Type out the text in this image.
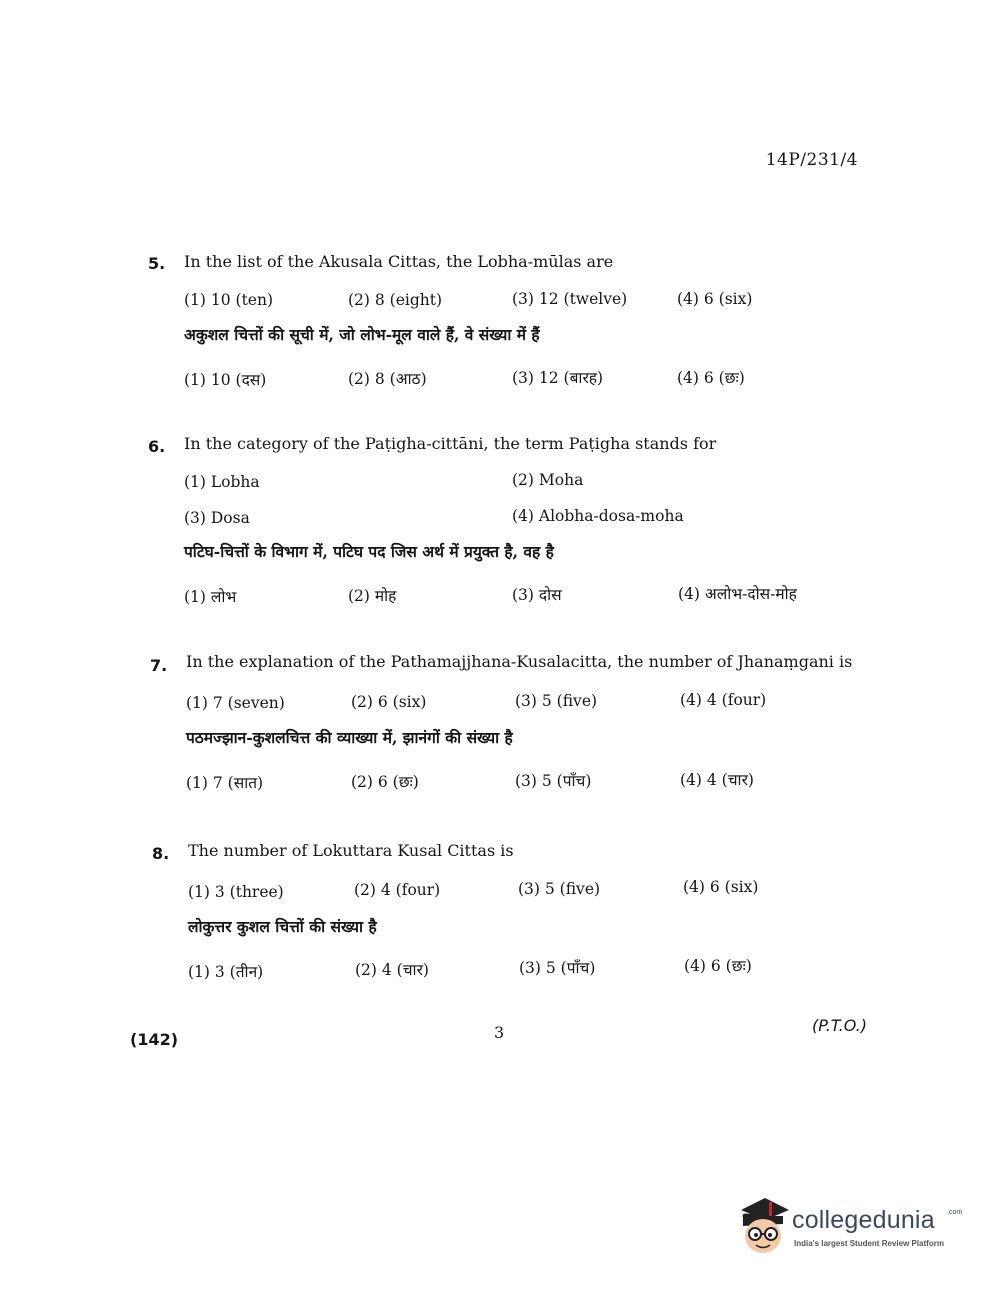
14P/231/4
5. In the list of the Akusala Cittas, the Lobha-mūlas are
(1) 10 (ten)	(2) 8 (eight)	(3) 12 (twelve)	(4) 6 (six)
अकुशल चित्तों की सूची में, जो लोभ-मूल वाले हैं, वे संख्या में हैं
(1) 10 (दस)	(2) 8 (आठ)	(3) 12 (बारह)	(4) 6 (छः)
6. In the category of the Paṭigha-cittāni, the term Paṭigha stands for
(1) Lobha	(2) Moha
(3) Dosa	(4) Alobha-dosa-moha
पटिघ-चित्तों के विभाग में, पटिघ पद जिस अर्थ में प्रयुक्त है, वह है
(1) लोभ	(2) मोह	(3) दोस	(4) अलोभ-दोस-मोह
7. In the explanation of the Pathamajjhana-Kusalacitta, the number of Jhanaṃgani is
(1) 7 (seven)	(2) 6 (six)	(3) 5 (five)	(4) 4 (four)
पठमज्झान-कुशलचित्त की व्याख्या में, झानंगों की संख्या है
(1) 7 (सात)	(2) 6 (छः)	(3) 5 (पाँच)	(4) 4 (चार)
8. The number of Lokuttara Kusal Cittas is
(1) 3 (three)	(2) 4 (four)	(3) 5 (five)	(4) 6 (six)
लोकुत्तर कुशल चित्तों की संख्या है
(1) 3 (तीन)	(2) 4 (चार)	(3) 5 (पाँच)	(4) 6 (छः)
(142)	3	(P.T.O.)
collegedunia .com
India's largest Student Review Platform
